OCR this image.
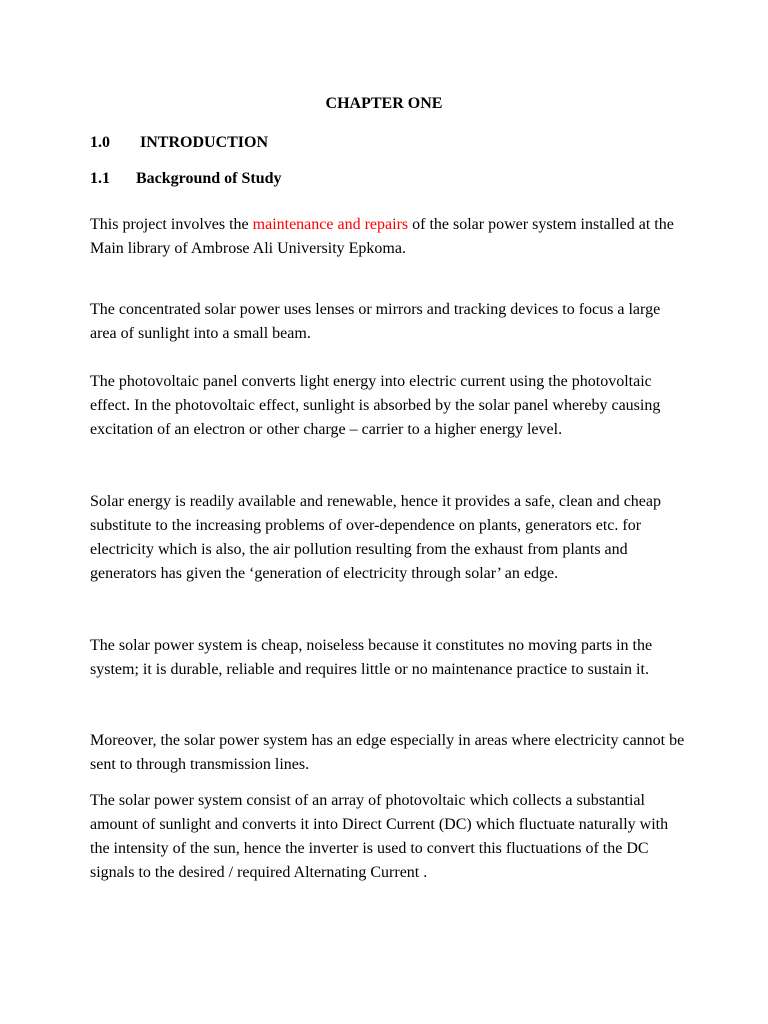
CHAPTER ONE
1.0 INTRODUCTION
1.1 Background of Study

This project involves the maintenance and repairs of the solar power system installed at the Main library of Ambrose Ali University Epkoma.

The concentrated solar power uses lenses or mirrors and tracking devices to focus a large area of sunlight into a small beam.

The photovoltaic panel converts light energy into electric current using the photovoltaic effect. In the photovoltaic effect, sunlight is absorbed by the solar panel whereby causing excitation of an electron or other charge – carrier to a higher energy level.

Solar energy is readily available and renewable, hence it provides a safe, clean and cheap substitute to the increasing problems of over-dependence on plants, generators etc. for electricity which is also, the air pollution resulting from the exhaust from plants and generators has given the ‘generation of electricity through solar’ an edge.

The solar power system is cheap, noiseless because it constitutes no moving parts in the system; it is durable, reliable and requires little or no maintenance practice to sustain it.

Moreover, the solar power system has an edge especially in areas where electricity cannot be sent to through transmission lines.

The solar power system consist of an array of photovoltaic which collects a substantial amount of sunlight and converts it into Direct Current (DC) which fluctuate naturally with the intensity of the sun, hence the inverter is used to convert this fluctuations of the DC signals to the desired / required Alternating Current .
